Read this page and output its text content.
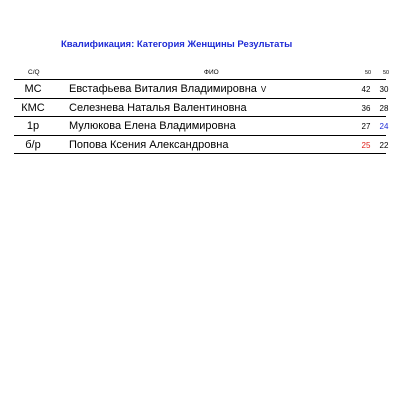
Квалификация: Категория Женщины Результаты
С/Q	ФИО	50 50
МС	Евстафьева Виталия Владимировна V	42	30
КМС	Селезнева Наталья Валентиновна	36	28
1р	Мулюкова Елена Владимировна	27	24
б/р	Попова Ксения Александровна	25	22
